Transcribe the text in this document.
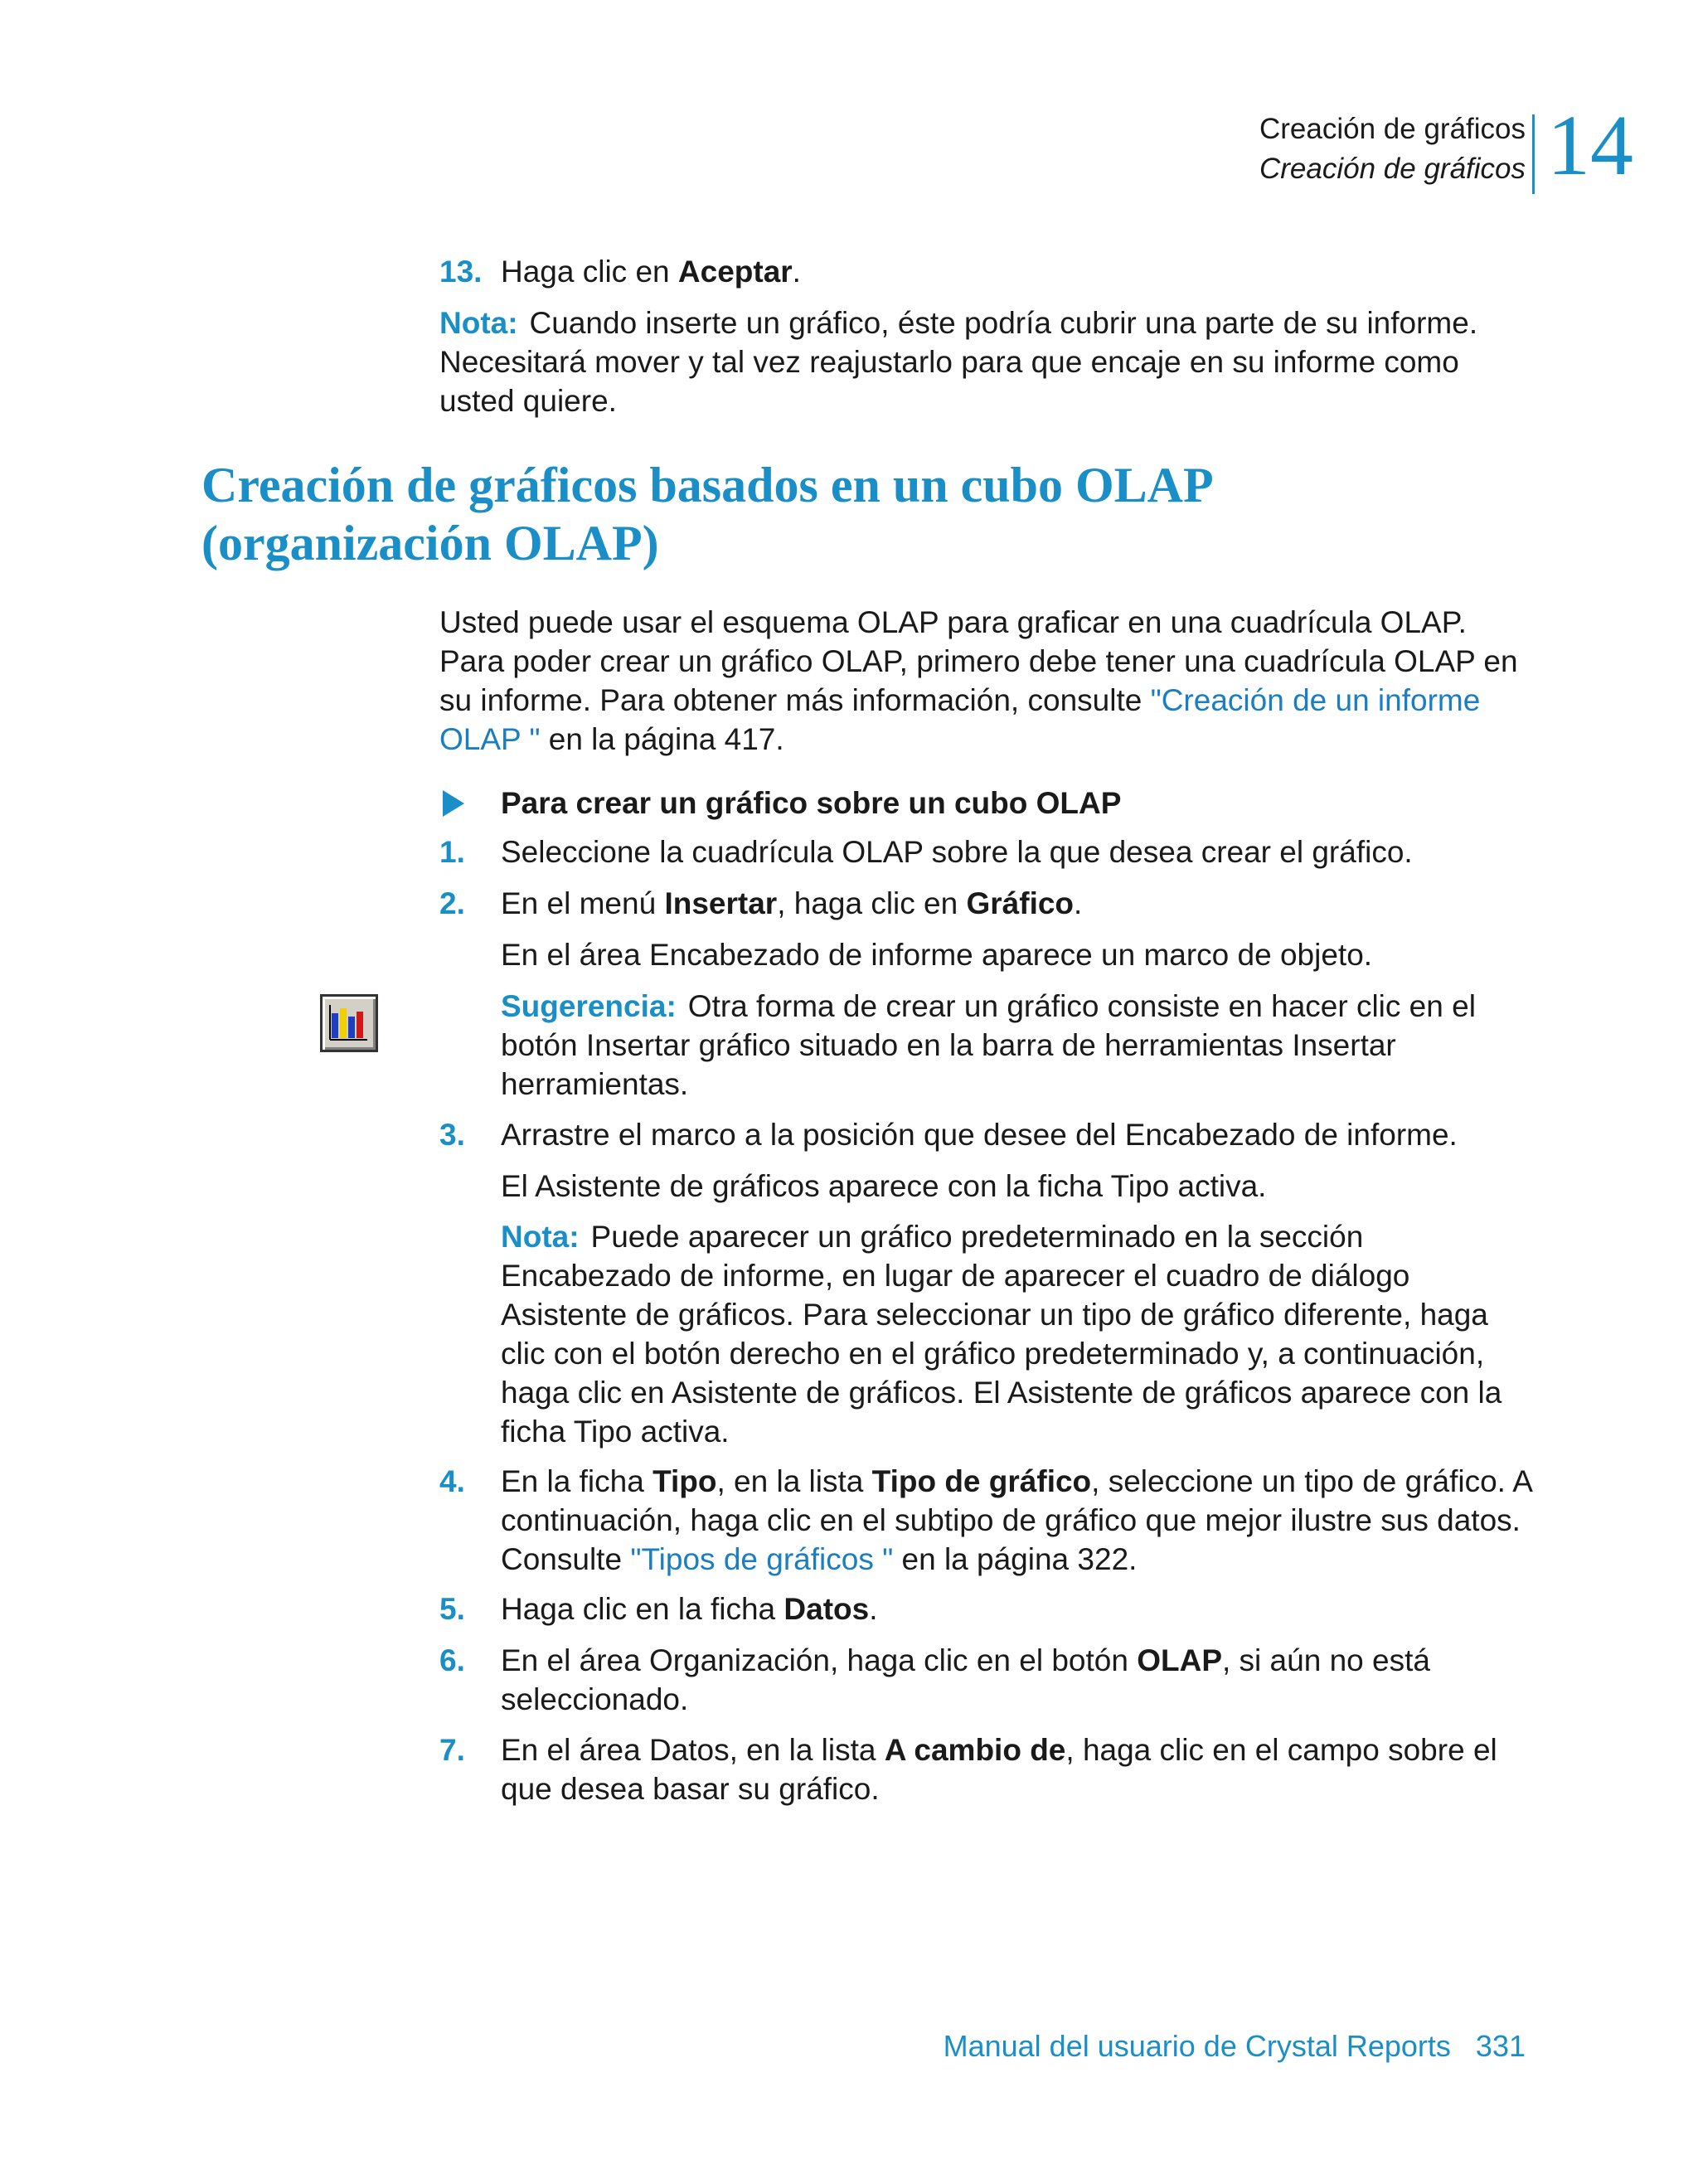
Creación de gráficos
Creación de gráficos 14
13. Haga clic en Aceptar.
Nota: Cuando inserte un gráfico, éste podría cubrir una parte de su informe. Necesitará mover y tal vez reajustarlo para que encaje en su informe como usted quiere.
Creación de gráficos basados en un cubo OLAP
(organización OLAP)
Usted puede usar el esquema OLAP para graficar en una cuadrícula OLAP. Para poder crear un gráfico OLAP, primero debe tener una cuadrícula OLAP en su informe. Para obtener más información, consulte "Creación de un informe OLAP " en la página 417.
Para crear un gráfico sobre un cubo OLAP
1. Seleccione la cuadrícula OLAP sobre la que desea crear el gráfico.
2. En el menú Insertar, haga clic en Gráfico.
En el área Encabezado de informe aparece un marco de objeto.
Sugerencia: Otra forma de crear un gráfico consiste en hacer clic en el botón Insertar gráfico situado en la barra de herramientas Insertar herramientas.
3. Arrastre el marco a la posición que desee del Encabezado de informe.
El Asistente de gráficos aparece con la ficha Tipo activa.
Nota: Puede aparecer un gráfico predeterminado en la sección Encabezado de informe, en lugar de aparecer el cuadro de diálogo Asistente de gráficos. Para seleccionar un tipo de gráfico diferente, haga clic con el botón derecho en el gráfico predeterminado y, a continuación, haga clic en Asistente de gráficos. El Asistente de gráficos aparece con la ficha Tipo activa.
4. En la ficha Tipo, en la lista Tipo de gráfico, seleccione un tipo de gráfico. A continuación, haga clic en el subtipo de gráfico que mejor ilustre sus datos. Consulte "Tipos de gráficos " en la página 322.
5. Haga clic en la ficha Datos.
6. En el área Organización, haga clic en el botón OLAP, si aún no está seleccionado.
7. En el área Datos, en la lista A cambio de, haga clic en el campo sobre el que desea basar su gráfico.
Manual del usuario de Crystal Reports 331
